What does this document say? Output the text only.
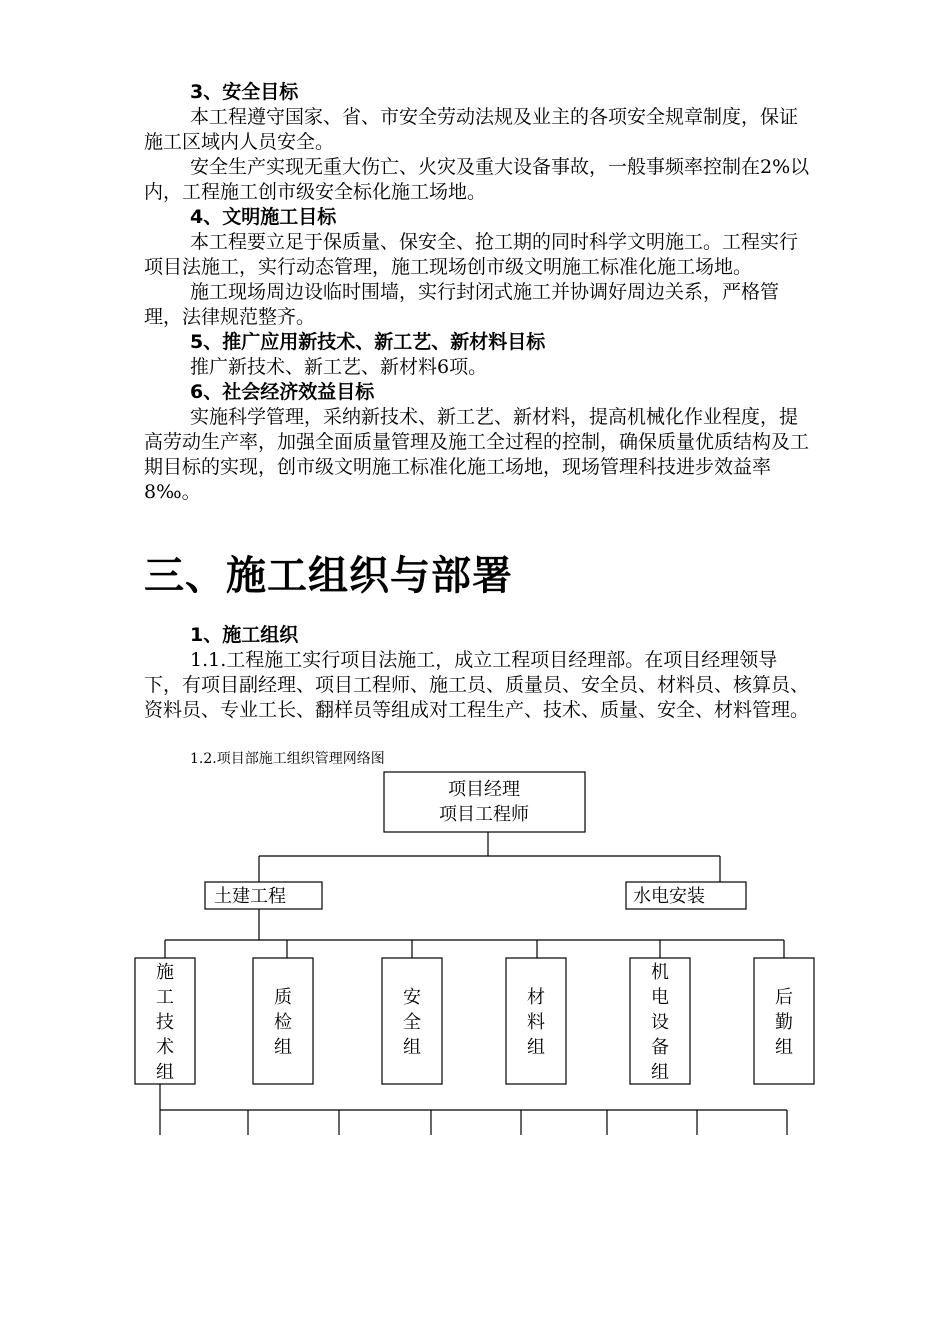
3、安全目标

本工程遵守国家、省、市安全劳动法规及业主的各项安全规章制度，保证施工区域内人员安全。

安全生产实现无重大伤亡、火灾及重大设备事故，一般事频率控制在2%以内，工程施工创市级安全标化施工场地。

4、文明施工目标

本工程要立足于保质量、保安全、抢工期的同时科学文明施工。工程实行项目法施工，实行动态管理，施工现场创市级文明施工标准化施工场地。

施工现场周边设临时围墙，实行封闭式施工并协调好周边关系，严格管理，法律规范整齐。

5、推广应用新技术、新工艺、新材料目标

推广新技术、新工艺、新材料6项。

6、社会经济效益目标

实施科学管理，采纳新技术、新工艺、新材料，提高机械化作业程度，提高劳动生产率，加强全面质量管理及施工全过程的控制，确保质量优质结构及工期目标的实现，创市级文明施工标准化施工场地，现场管理科技进步效益率8‰。

三、施工组织与部署
1、施工组织

1.1.工程施工实行项目法施工，成立工程项目经理部。在项目经理领导下，有项目副经理、项目工程师、施工员、质量员、安全员、材料员、核算员、资料员、专业工长、翻样员等组成对工程生产、技术、质量、安全、材料管理。

1.2.项目部施工组织管理网络图
项目经理
项目工程师
土建工程	水电安装
施
工
技
术
组
质
检
组
安
全
组
材
料
组
机
电
设
备
组
后
勤
组
